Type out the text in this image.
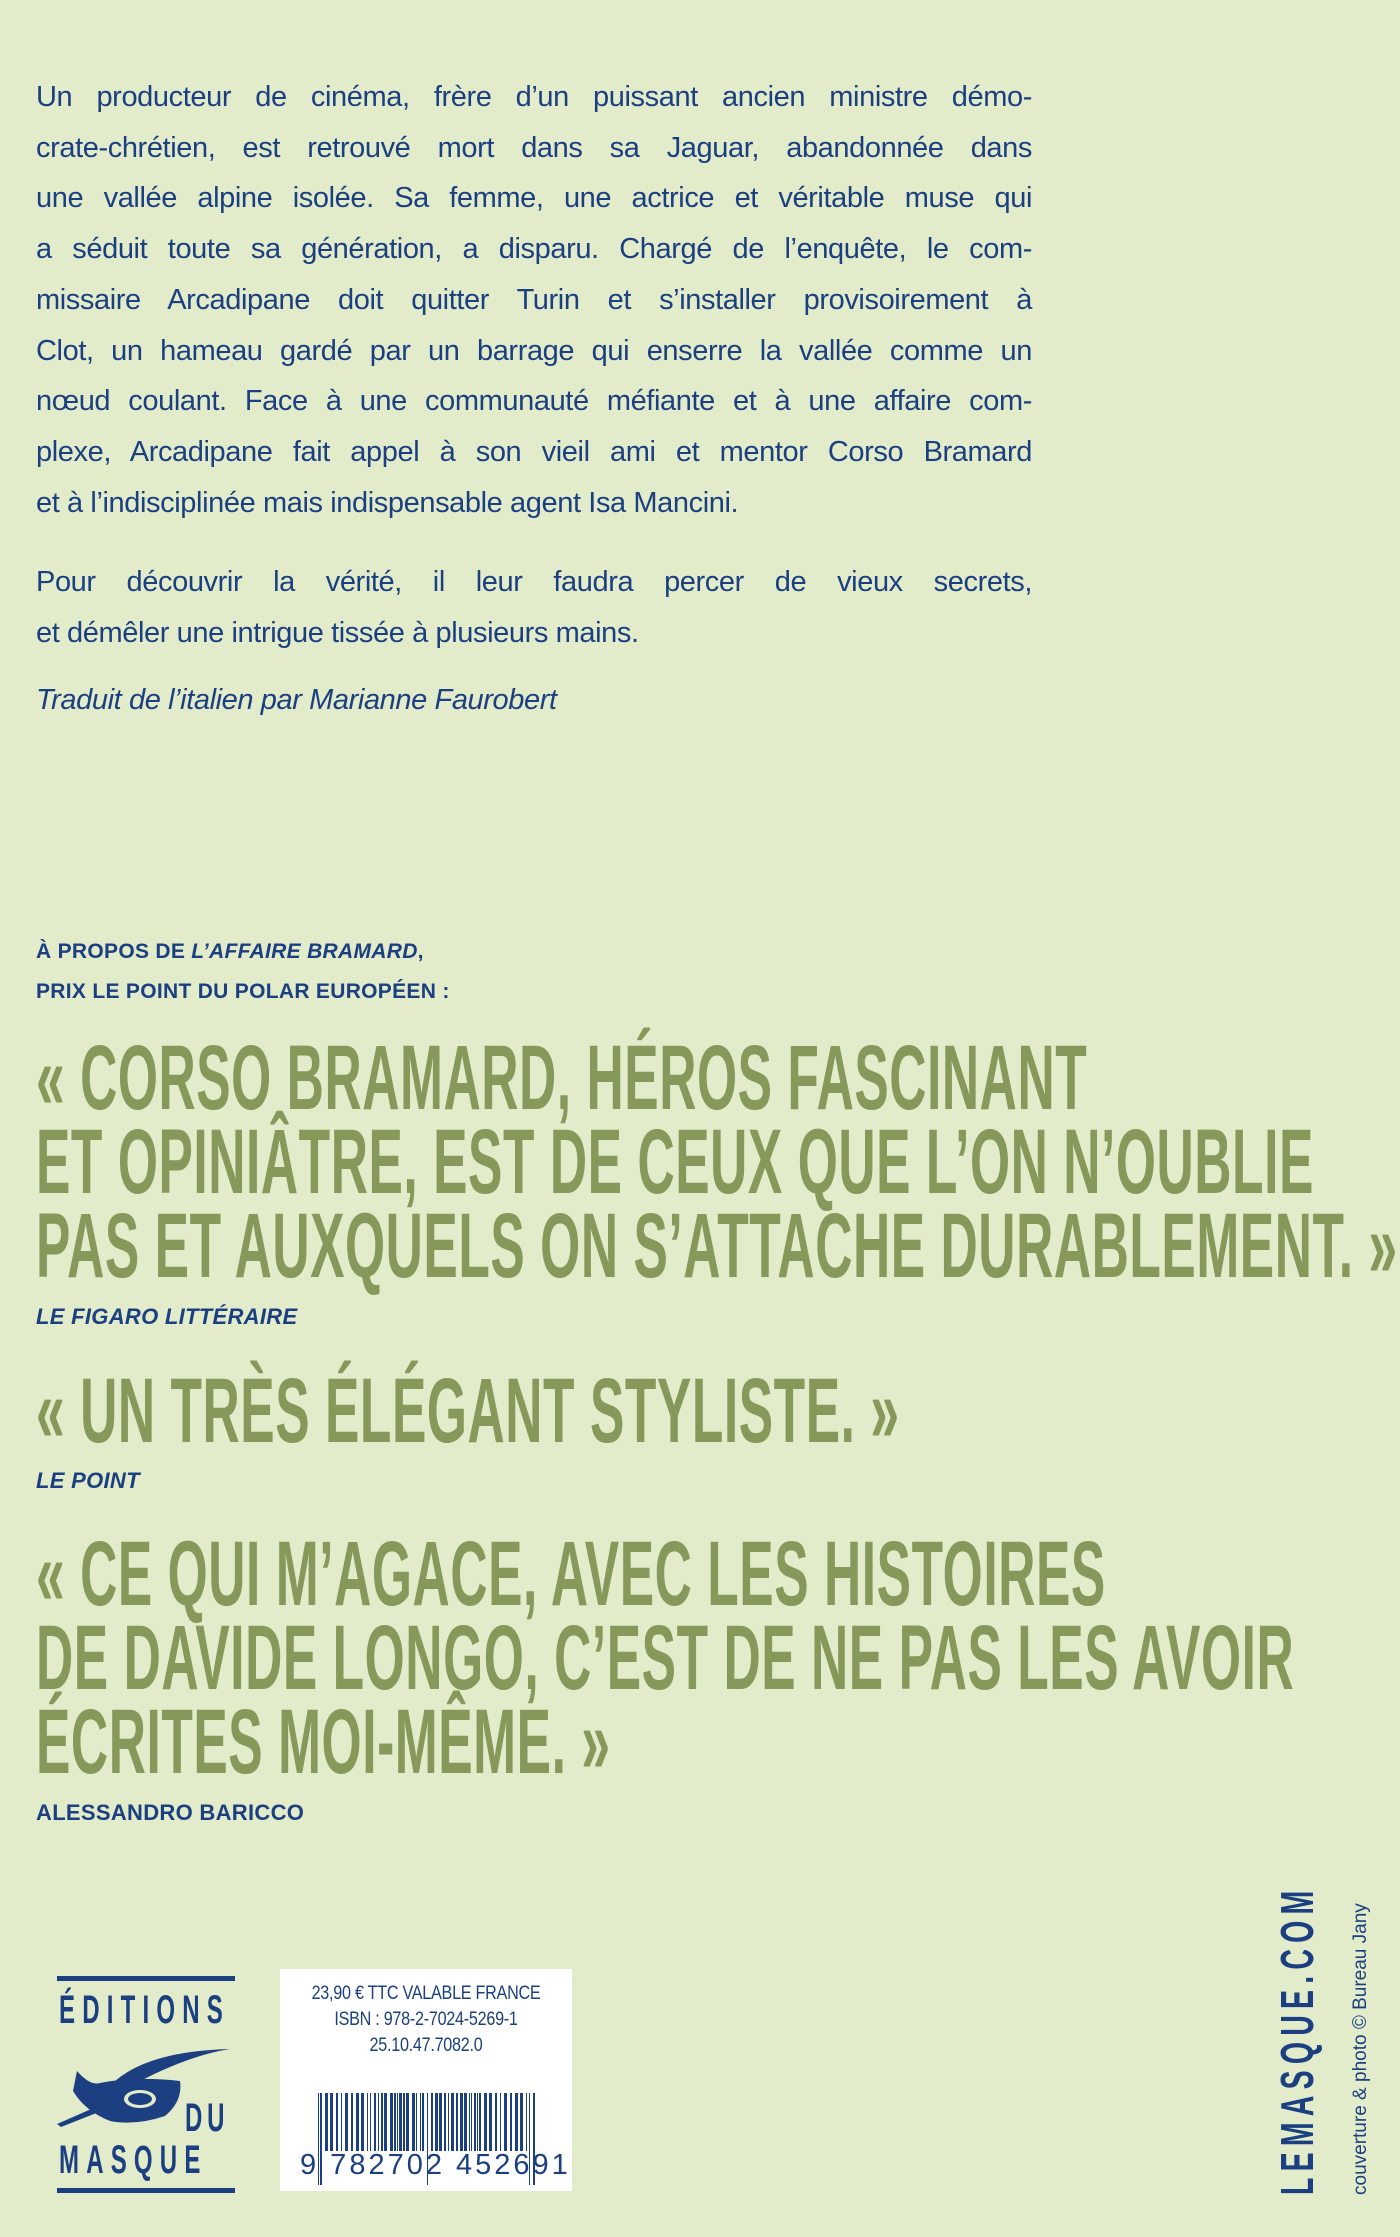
Un producteur de cinéma, frère d’un puissant ancien ministre démo-
crate-chrétien, est retrouvé mort dans sa Jaguar, abandonnée dans
une vallée alpine isolée. Sa femme, une actrice et véritable muse qui
a séduit toute sa génération, a disparu. Chargé de l’enquête, le com-
missaire Arcadipane doit quitter Turin et s’installer provisoirement à
Clot, un hameau gardé par un barrage qui enserre la vallée comme un
nœud coulant. Face à une communauté méfiante et à une affaire com-
plexe, Arcadipane fait appel à son vieil ami et mentor Corso Bramard
et à l’indisciplinée mais indispensable agent Isa Mancini.
Pour découvrir la vérité, il leur faudra percer de vieux secrets,
et démêler une intrigue tissée à plusieurs mains.
Traduit de l’italien par Marianne Faurobert
À PROPOS DE L’AFFAIRE BRAMARD,
PRIX LE POINT DU POLAR EUROPÉEN :
« CORSO BRAMARD, HÉROS FASCINANT
ET OPINIÂTRE, EST DE CEUX QUE L’ON N’OUBLIE
PAS ET AUXQUELS ON S’ATTACHE DURABLEMENT. »
LE FIGARO LITTÉRAIRE
« UN TRÈS ÉLÉGANT STYLISTE. »
LE POINT
« CE QUI M’AGACE, AVEC LES HISTOIRES
DE DAVIDE LONGO, C’EST DE NE PAS LES AVOIR
ÉCRITES MOI-MÊME. »
ALESSANDRO BARICCO
ÉDITIONS
DU
MASQUE
23,90 € TTC VALABLE FRANCE
ISBN : 978-2-7024-5269-1
25.10.47.7082.0
9 782702 452691	LEMASQUE.COM couverture & photo © Bureau Jany
